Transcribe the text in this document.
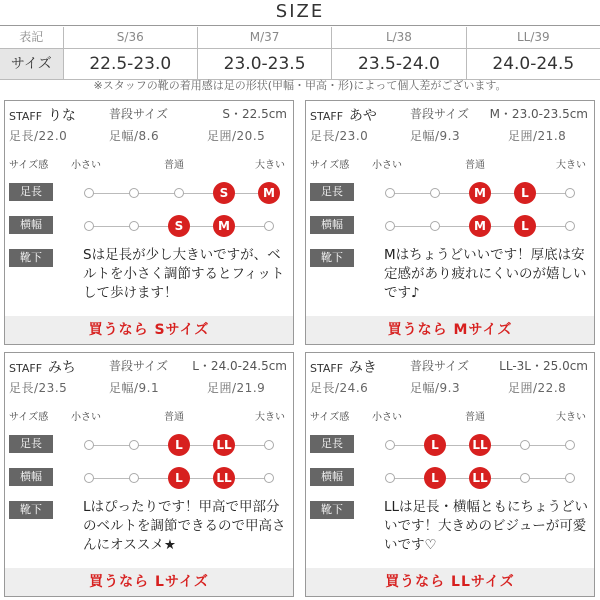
SIZE
表記	S/36	M/37	L/38	LL/39
サイズ	22.5-23.0	23.0-23.5	23.5-24.0	24.0-24.5
※スタッフの靴の着用感は足の形状(甲幅・甲高・形)によって個人差がございます。
STAFF りな	普段サイズ	S・22.5cm
足長/22.0	足幅/8.6	足囲/20.5
サイズ感 小さい	普通	大きい
足長
横幅
靴下
S	M
S	M
Sは足長が少し大きいですが、ベルトを小さく調節するとフィットして歩けます！
買うなら Sサイズ
STAFF あや	普段サイズ M・23.0-23.5cm
足長/23.0	足幅/9.3	足囲/21.8
サイズ感 小さい	普通	大きい
足長
横幅
靴下
M	L
M	L
Mはちょうどいいです！厚底は安定感があり疲れにくいのが嬉しいです♪
買うなら Mサイズ
STAFF みち	普段サイズ L・24.0-24.5cm
足長/23.5	足幅/9.1	足囲/21.9
サイズ感 小さい	普通	大きい
足長
横幅
靴下
L	LL
L	LL
Lはぴったりです！甲高で甲部分のベルトを調節できるので甲高さんにオススメ★
買うなら Lサイズ
STAFF みき	普段サイズ	LL-3L・25.0cm
足長/24.6	足幅/9.3	足囲/22.8
サイズ感 小さい	普通	大きい
足長
横幅
靴下
L	LL
L	LL
LLは足長・横幅ともにちょうどいいです！大きめのビジューが可愛いです♡
買うなら LLサイズ
